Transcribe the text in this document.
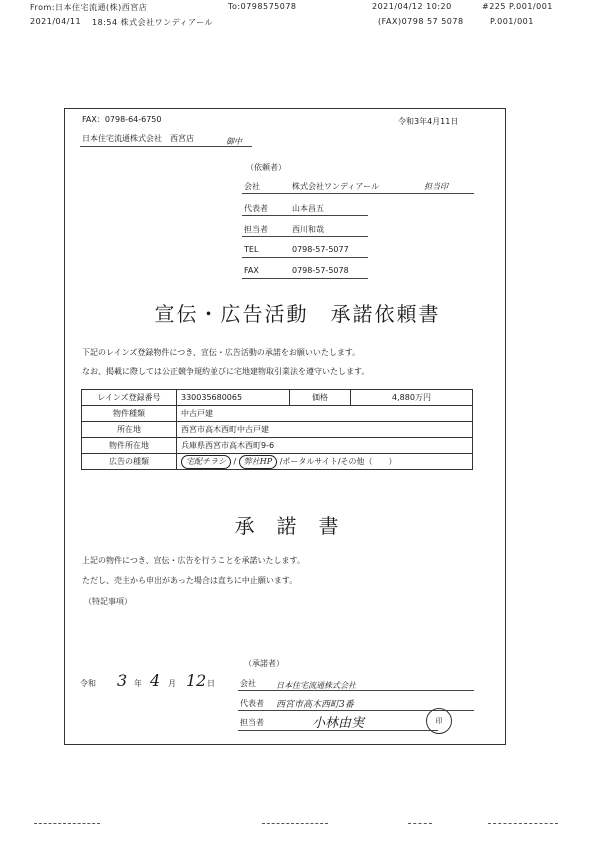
From:日本住宅流通(株)西宮店	To:0798575078	2021/04/12 10:20	#225 P.001/001
2021/04/11 18:54 株式会社ワンディアール	(FAX)0798 57 5078	P.001/001
FAX：0798-64-6750	令和3年4月11日
日本住宅流通株式会社　西宮店	御中
（依頼者）
会社	株式会社ワンディアール	担当印
代表者	山本昌五
担当者	西川和哉
TEL	0798-57-5077
FAX	0798-57-5078
宣伝・広告活動　承諾依頼書
下記のレインズ登録物件につき、宣伝・広告活動の承諾をお願いいたします。
なお、掲載に際しては公正競争規約並びに宅地建物取引業法を遵守いたします。
レインズ登録番号	330035680065	価格	4,880万円
物件種類	中古戸建		
所在地	西宮市高木西町中古戸建		
物件所在地	兵庫県西宮市高木西町9-6		
広告の種類	宅配チラシ / 弊社HP /ポータルサイト/その他（　　）		
承諾書
上記の物件につき、宣伝・広告を行うことを承諾いたします。
ただし、売主から申出があった場合は直ちに中止願います。
（特記事項）
令和 3 年 4 月 12 日
（承諾者）
会社	日本住宅流通株式会社
代表者 西宮市高木西町3番
担当者	小林由実	印
